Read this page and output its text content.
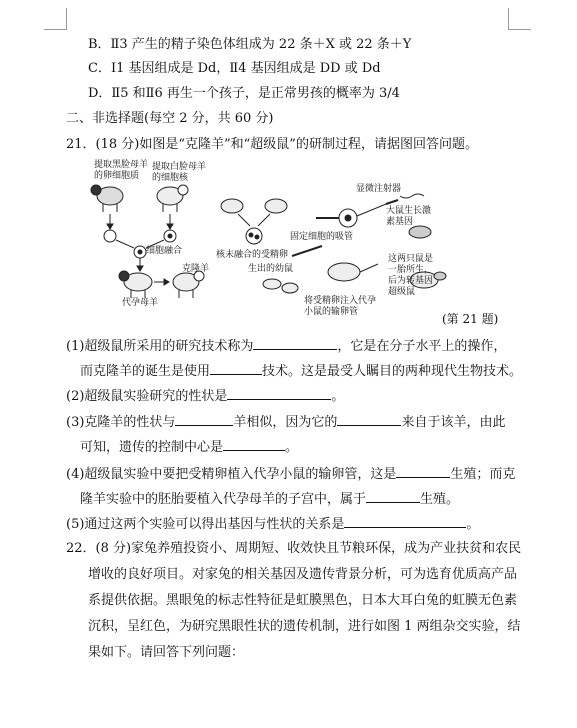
B．Ⅱ3 产生的精子染色体组成为 22 条＋X 或 22 条＋Y
C．Ⅰ1 基因组成是 Dd，Ⅱ4 基因组成是 DD 或 Dd
D．Ⅱ5 和Ⅱ6 再生一个孩子，是正常男孩的概率为 3/4
二、非选择题(每空 2 分，共 60 分)
21．(18 分)如图是“克隆羊”和“超级鼠”的研制过程，请据图回答问题。
提取黑脸母羊的卵细胞质
提取白脸母羊的细胞核
细胞融合
克隆羊
代孕母羊
核未融合的受精卵
生出的幼鼠
固定细胞的吸管
显微注射器
大鼠生长激素基因
这两只鼠是一胎所生，后为转基因超级鼠
将受精卵注入代孕小鼠的输卵管	(第 21 题)
(1)超级鼠所采用的研究技术称为	，它是在分子水平上的操作，
而克隆羊的诞生是使用	技术。这是最受人瞩目的两种现代生物技术。
(2)超级鼠实验研究的性状是	。
(3)克隆羊的性状与	羊相似，因为它的	来自于该羊，由此
可知，遗传的控制中心是	。
(4)超级鼠实验中要把受精卵植入代孕小鼠的输卵管，这是	生殖；而克
隆羊实验中的胚胎要植入代孕母羊的子宫中，属于	生殖。
(5)通过这两个实验可以得出基因与性状的关系是	。
22．(8 分)家兔养殖投资小、周期短、收效快且节粮环保，成为产业扶贫和农民
增收的良好项目。对家兔的相关基因及遗传背景分析，可为选育优质高产品
系提供依据。黑眼兔的标志性特征是虹膜黑色，日本大耳白兔的虹膜无色素
沉积，呈红色，为研究黑眼性状的遗传机制，进行如图 1 两组杂交实验，结
果如下。请回答下列问题：
